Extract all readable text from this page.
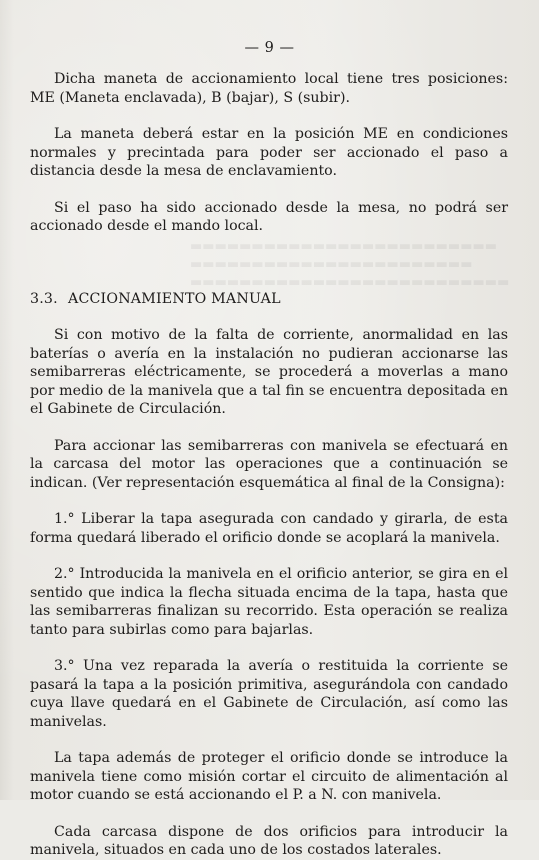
▬▬▬▬▬▬▬▬▬▬▬▬▬▬▬▬▬▬▬▬▬▬▬▬▬
▬▬▬▬▬▬▬▬▬▬▬▬▬▬▬▬▬▬▬▬▬▬▬
▬▬▬▬▬▬▬▬▬▬▬▬▬▬▬▬▬▬▬▬▬▬▬▬▬▬
— 9 —

Dicha maneta de accionamiento local tiene tres posiciones: ME (Maneta enclavada), B (bajar), S (subir).

La maneta deberá estar en la posición ME en condiciones normales y precintada para poder ser accionado el paso a distancia desde la mesa de enclavamiento.

Si el paso ha sido accionado desde la mesa, no podrá ser accionado desde el mando local.

3.3. ACCIONAMIENTO MANUAL

Si con motivo de la falta de corriente, anormalidad en las baterías o avería en la instalación no pudieran accionarse las semibarreras eléctricamente, se procederá a moverlas a mano por medio de la manivela que a tal fin se encuentra depositada en el Gabinete de Circulación.

Para accionar las semibarreras con manivela se efectuará en la carcasa del motor las operaciones que a continuación se indican. (Ver representación esquemática al final de la Consigna):

1.° Liberar la tapa asegurada con candado y girarla, de esta forma quedará liberado el orificio donde se acoplará la manivela.

2.° Introducida la manivela en el orificio anterior, se gira en el sentido que indica la flecha situada encima de la tapa, hasta que las semibarreras finalizan su recorrido. Esta operación se realiza tanto para subirlas como para bajarlas.

3.° Una vez reparada la avería o restituida la corriente se pasará la tapa a la posición primitiva, asegurándola con candado cuya llave quedará en el Gabinete de Circulación, así como las manivelas.

La tapa además de proteger el orificio donde se introduce la manivela tiene como misión cortar el circuito de alimentación al motor cuando se está accionando el P. a N. con manivela.

Cada carcasa dispone de dos orificios para introducir la manivela, situados en cada uno de los costados laterales.
